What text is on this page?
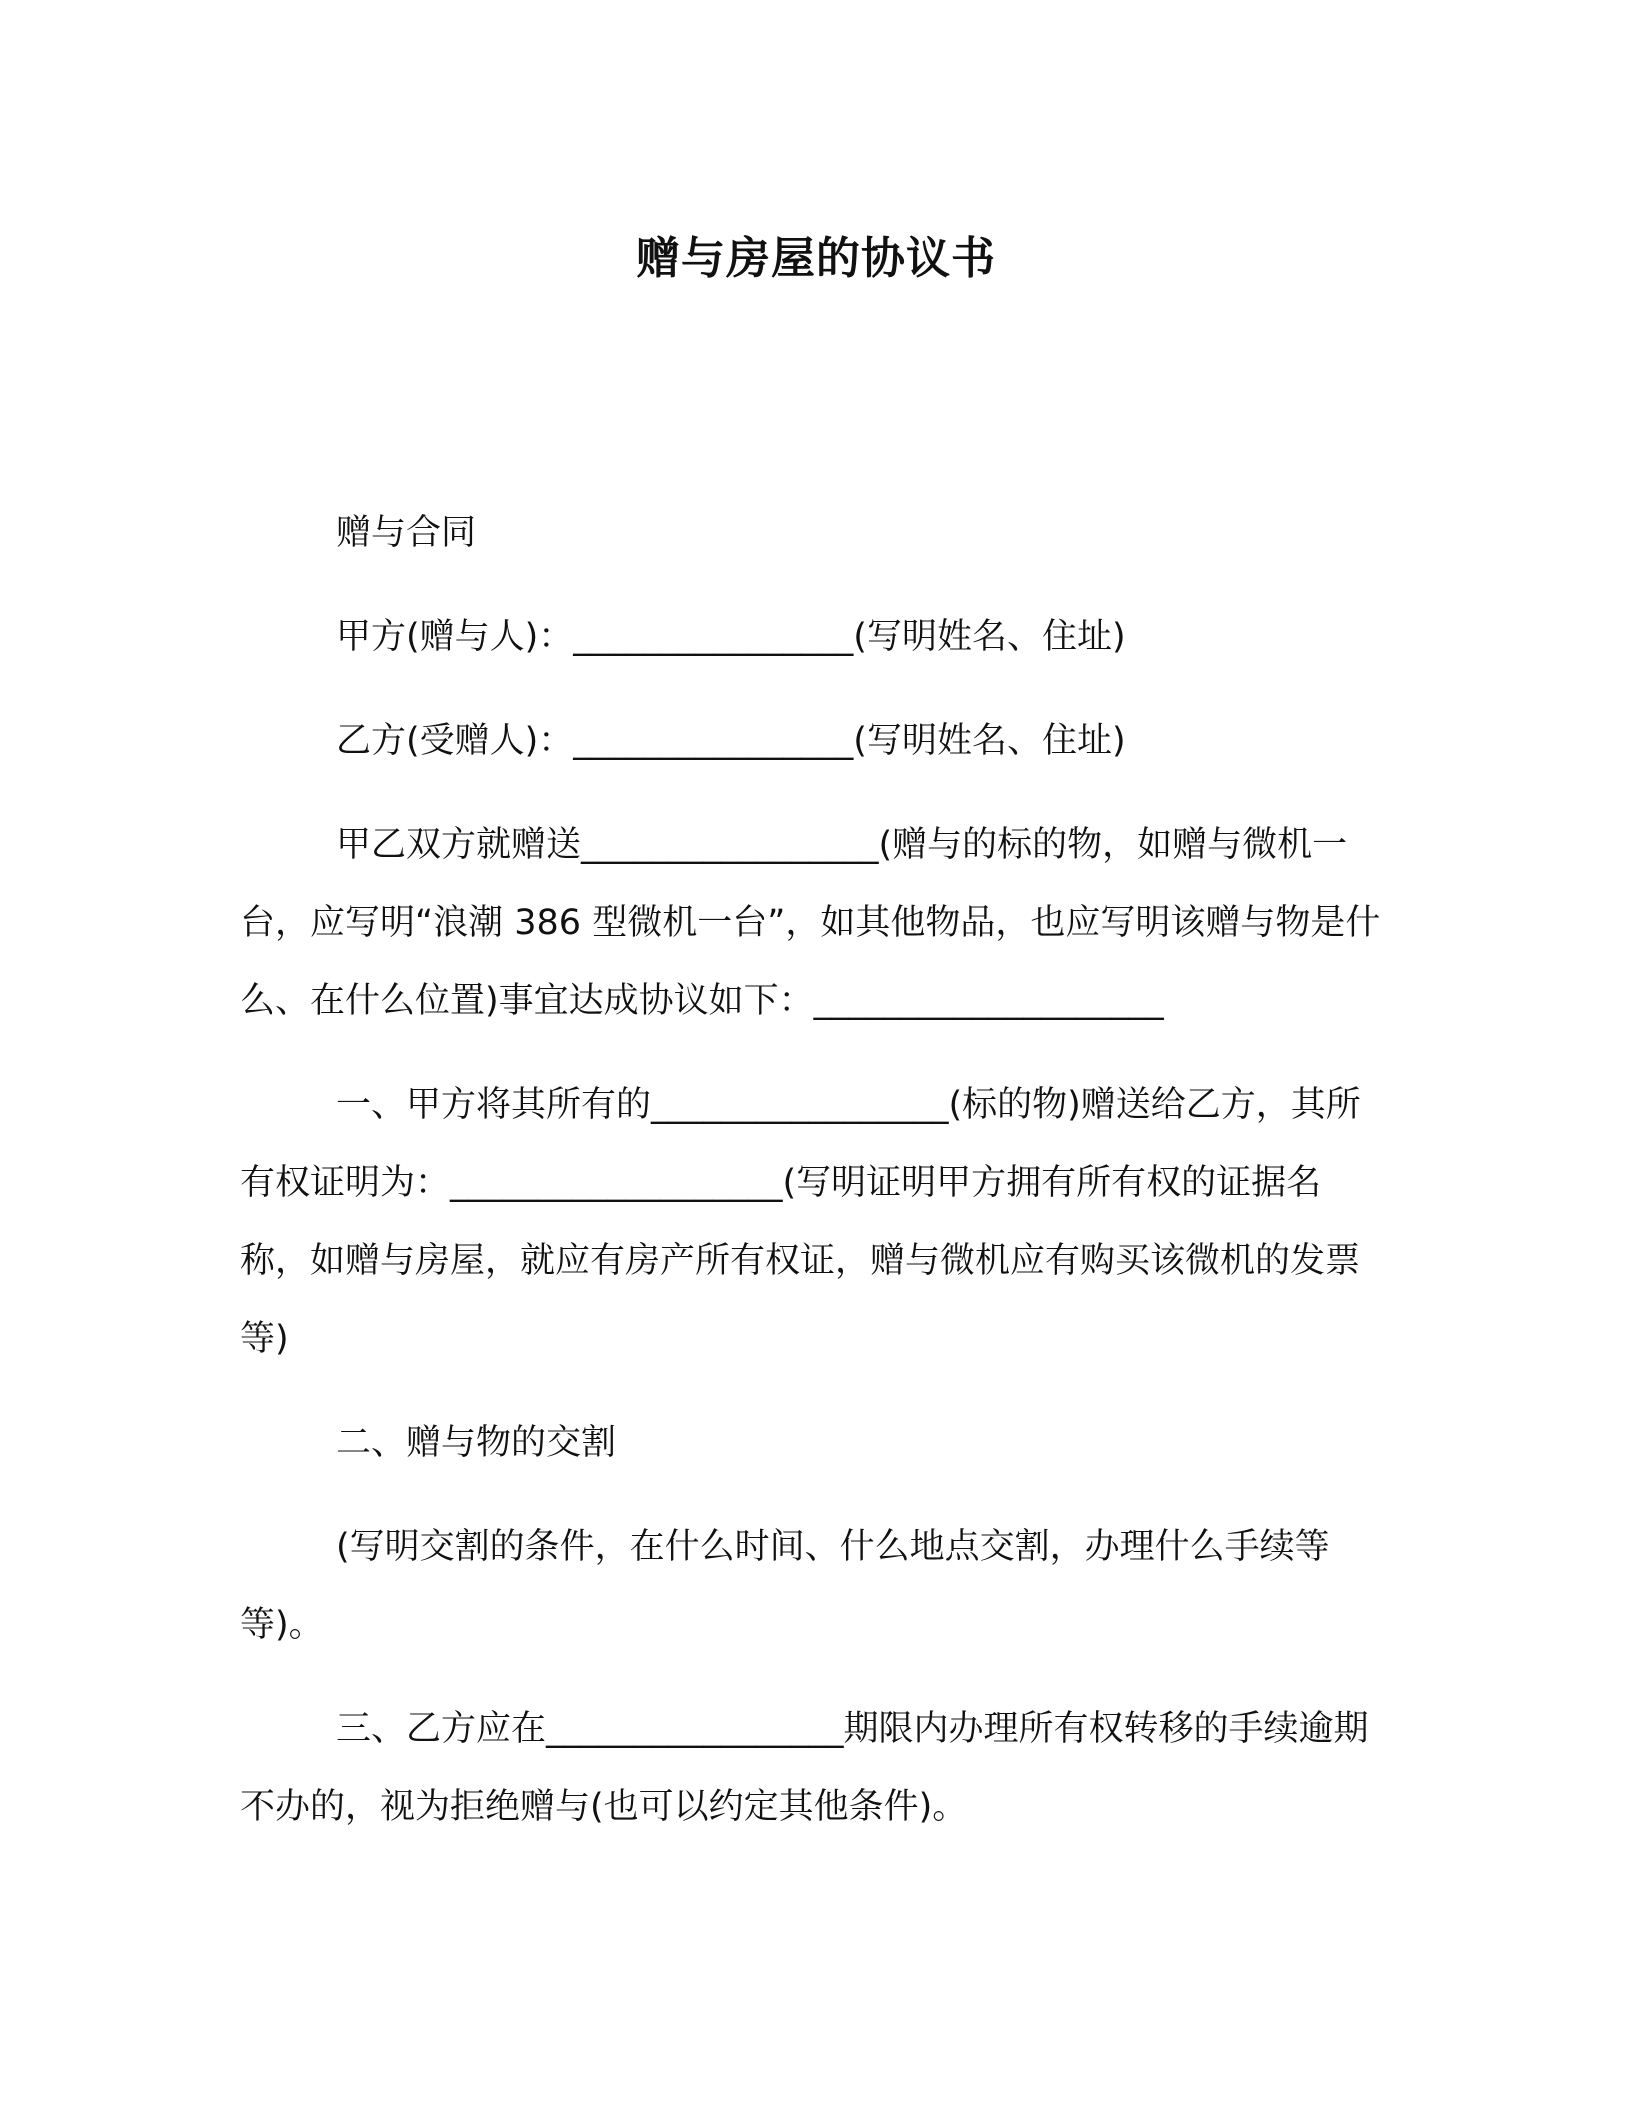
赠与房屋的协议书

赠与合同

甲方(赠与人)：________________(写明姓名、住址)

乙方(受赠人)：________________(写明姓名、住址)

甲乙双方就赠送_________________(赠与的标的物，如赠与微机一台，应写明“浪潮 386 型微机一台”，如其他物品，也应写明该赠与物是什么、在什么位置)事宜达成协议如下：____________________

一、甲方将其所有的_________________(标的物)赠送给乙方，其所有权证明为：___________________(写明证明甲方拥有所有权的证据名称，如赠与房屋，就应有房产所有权证，赠与微机应有购买该微机的发票等)

二、赠与物的交割

(写明交割的条件，在什么时间、什么地点交割，办理什么手续等等)。

三、乙方应在_________________期限内办理所有权转移的手续逾期不办的，视为拒绝赠与(也可以约定其他条件)。
